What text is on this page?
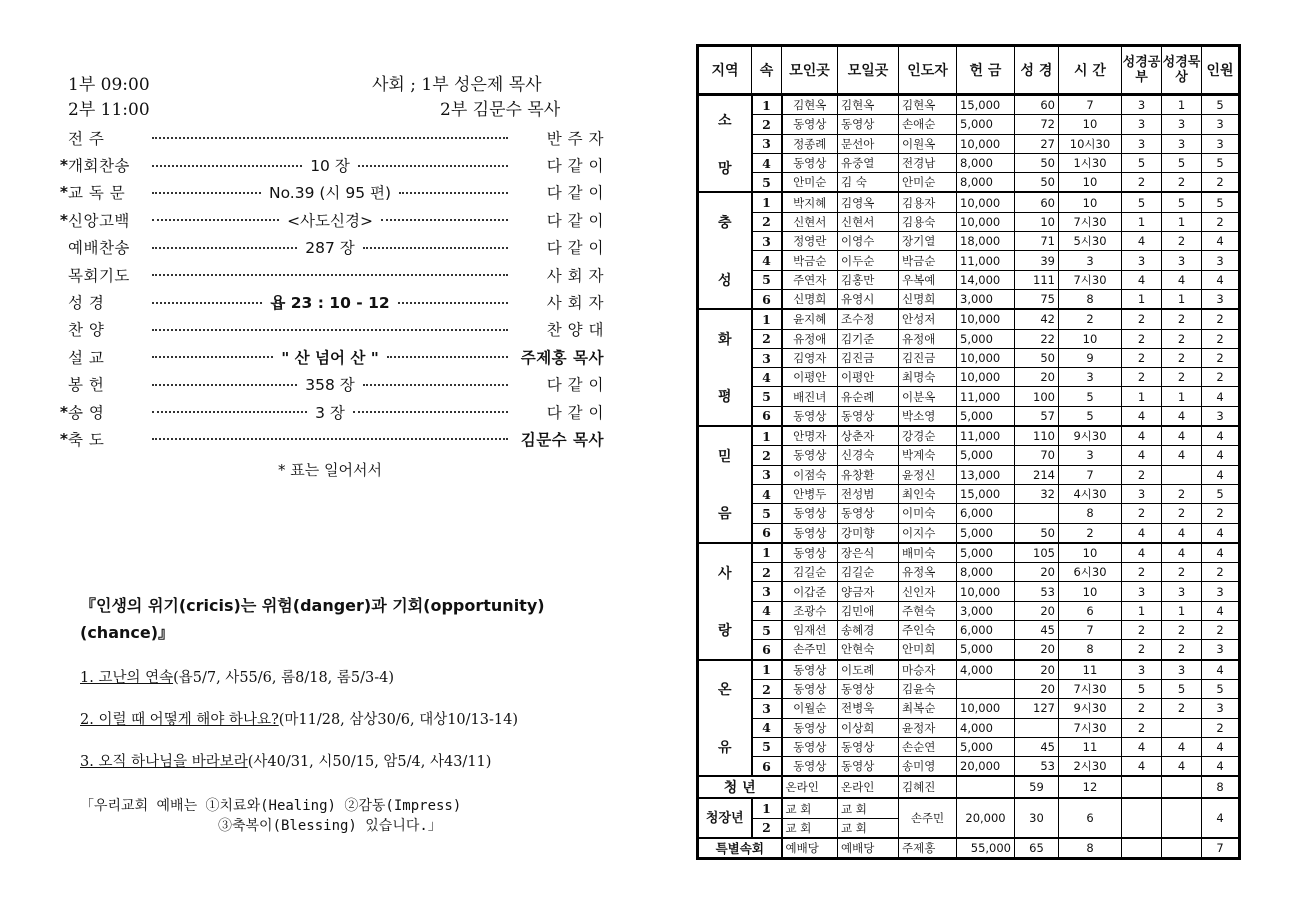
1부 09:00
2부 11:00
사회 ; 1부 성은제 목사
2부 김문수 목사
전 주	반 주 자
* 개회찬송	10 장	다 같 이
* 교 독 문	No.39 (시 95 편)	다 같 이
* 신앙고백	<사도신경>	다 같 이
예배찬송	287 장	다 같 이
목회기도	사 회 자
성 경	욥 23 : 10 - 12	사 회 자
찬 양	찬 양 대
설 교	" 산 넘어 산 "	주제홍 목사
봉 헌	358 장	다 같 이
* 송 영	3 장	다 같 이
* 축 도	김문수 목사
* 표는 일어서서
『인생의 위기(cricis)는 위험(danger)과 기회(opportunity)(chance)』
1. 고난의 연속(욥5/7, 사55/6, 롬8/18, 롬5/3-4)
2. 이럴 때 어떻게 해야 하나요?(마11/28, 삼상30/6, 대상10/13-14)
3. 오직 하나님을 바라보라(사40/31, 시50/15, 암5/4, 사43/11)
「우리교회 예배는 ①치료와(Healing) ②감동(Impress)
③축복이(Blessing) 있습니다.」
지역	속	모인곳	모일곳	인도자	헌 금	성 경	시 간	성경공부	성경묵상	인원

소
망	1	김현옥	김현옥	김현옥	15,000	60	7	3	1	5
	2	동영상	동영상	손애순	5,000	72	10	3	3	3
	3	정종례	문선아	이원옥	10,000	27	10시30	3	3	3
	4	동영상	유중열	전경남	8,000	50	1시30	5	5	5
	5	안미순	김 숙	안미순	8,000	50	10	2	2	2

충
성	1	박지혜	김영옥	김용자	10,000	60	10	5	5	5
	2	신현서	신현서	김용숙	10,000	10	7시30	1	1	2
	3	정영란	이영수	장기열	18,000	71	5시30	4	2	4
	4	박금순	이두순	박금순	11,000	39	3	3	3	3
	5	주연자	김홍만	우복예	14,000	111	7시30	4	4	4
	6	신명희	유영시	신명희	3,000	75	8	1	1	3

화
평	1	윤지혜	조수정	안성저	10,000	42	2	2	2	2
	2	유정애	김기준	유정애	5,000	22	10	2	2	2
	3	김영자	김진금	김진금	10,000	50	9	2	2	2
	4	이평안	이평안	최명숙	10,000	20	3	2	2	2
	5	배진녀	유순례	이분옥	11,000	100	5	1	1	4
	6	동영상	동영상	박소영	5,000	57	5	4	4	3

믿
음	1	안명자	상춘자	강경순	11,000	110	9시30	4	4	4
	2	동영상	신경숙	박계숙	5,000	70	3	4	4	4
	3	이점숙	유창환	윤정신	13,000	214	7	2		4
	4	안병두	전성범	최인숙	15,000	32	4시30	3	2	5
	5	동영상	동영상	이미숙	6,000		8	2	2	2
	6	동영상	강미향	이지수	5,000	50	2	4	4	4

사
랑	1	동영상	장은식	배미숙	5,000	105	10	4	4	4
	2	김길순	김길순	유정옥	8,000	20	6시30	2	2	2
	3	이갑준	양금자	신인자	10,000	53	10	3	3	3
	4	조광수	김민애	주현숙	3,000	20	6	1	1	4
	5	임재선	송혜경	주인숙	6,000	45	7	2	2	2
	6	손주민	안현숙	안미희	5,000	20	8	2	2	3

온
유	1	동영상	이도례	마승자	4,000	20	11	3	3	4
	2	동영상	동영상	김윤숙		20	7시30	5	5	5
	3	이월순	전병욱	최복순	10,000	127	9시30	2	2	3
	4	동영상	이상희	윤정자	4,000		7시30	2		2
	5	동영상	동영상	손순연	5,000	45	11	4	4	4
	6	동영상	동영상	송미영	20,000	53	2시30	4	4	4
청 년		온라인	온라인	김혜진		59	12			8
청장년	1	교 회	교 회	손주민	20,000	30	6			4
	2	교 회	교 회							
특별속회		예배당	예배당	주제홍	55,000	65	8			7
